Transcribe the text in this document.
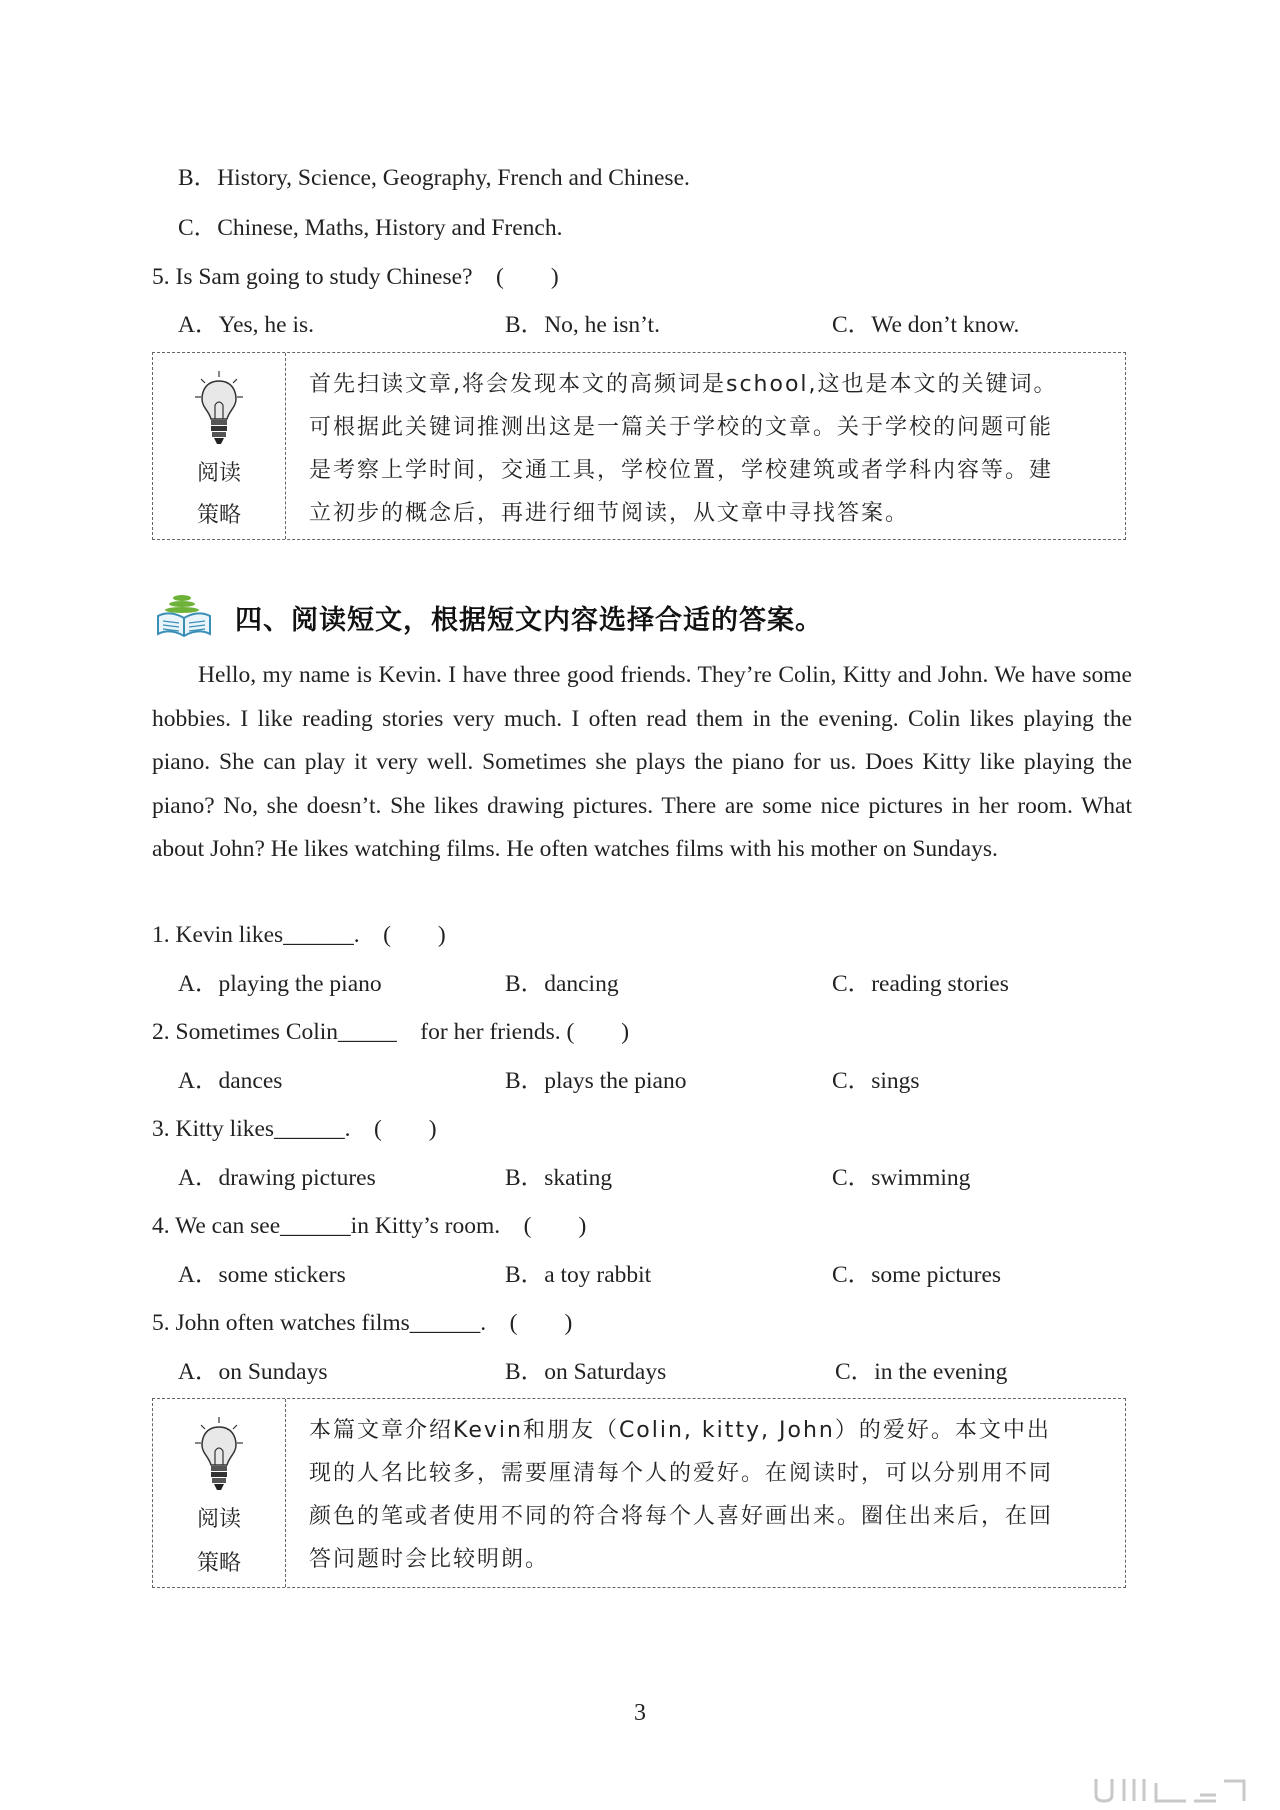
B．History, Science, Geography, French and Chinese.
C．Chinese, Maths, History and French.
5. Is Sam going to study Chinese?　(　　)
A．Yes, he is.	B．No, he isn’t.	C．We don’t know.
阅读
策略
首先扫读文章,将会发现本文的高频词是school,这也是本文的关键词。
可根据此关键词推测出这是一篇关于学校的文章。关于学校的问题可能
是考察上学时间，交通工具，学校位置，学校建筑或者学科内容等。建
立初步的概念后，再进行细节阅读，从文章中寻找答案。
四、阅读短文，根据短文内容选择合适的答案。
Hello, my name is Kevin. I have three good friends. They’re Colin, Kitty and John. We have some hobbies. I like reading stories very much. I often read them in the evening. Colin likes playing the piano. She can play it very well. Sometimes she plays the piano for us. Does Kitty like playing the piano? No, she doesn’t. She likes drawing pictures. There are some nice pictures in her room. What about John? He likes watching films. He often watches films with his mother on Sundays.
1. Kevin likes______.　(　　)
A．playing the piano	B．dancing	C．reading stories
2. Sometimes Colin_____　for her friends. (　　)
A．dances	B．plays the piano	C．sings
3. Kitty likes______.　(　　)
A．drawing pictures	B．skating	C．swimming
4. We can see______in Kitty’s room.　(　　)
A．some stickers	B．a toy rabbit	C．some pictures
5. John often watches films______.　(　　)
A．on Sundays	B．on Saturdays	C．in the evening
阅读
策略
本篇文章介绍Kevin和朋友（Colin, kitty, John）的爱好。本文中出
现的人名比较多，需要厘清每个人的爱好。在阅读时，可以分别用不同
颜色的笔或者使用不同的符合将每个人喜好画出来。圈住出来后，在回
答问题时会比较明朗。
3
